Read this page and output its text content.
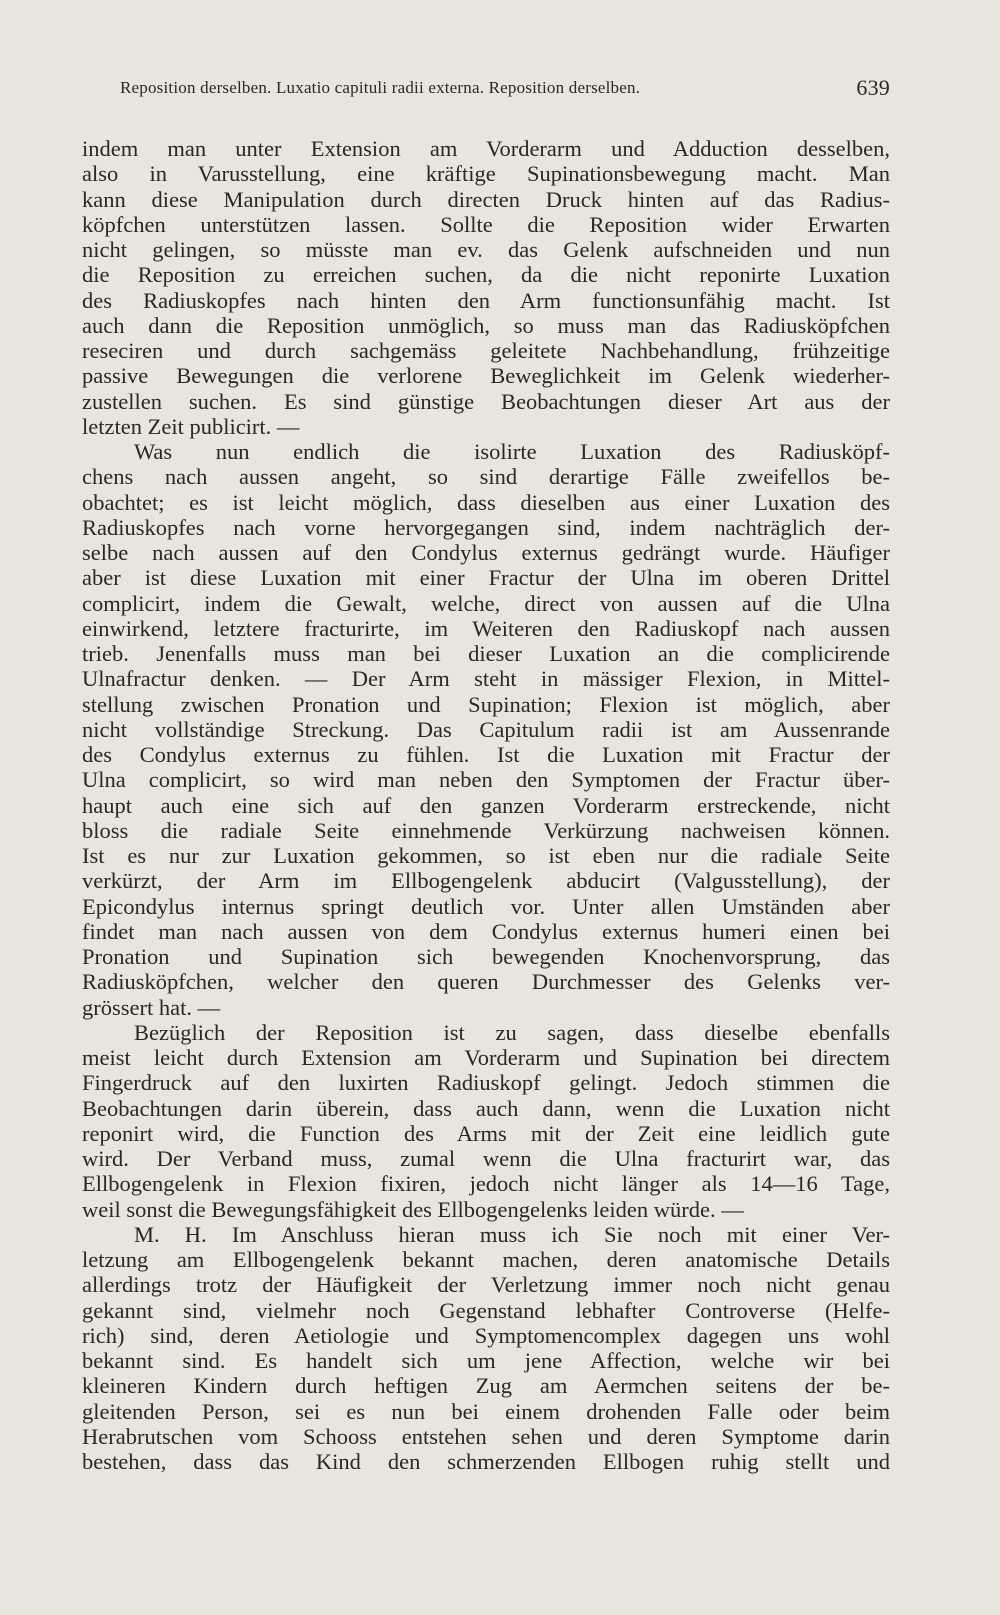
Reposition derselben. Luxatio capituli radii externa. Reposition derselben.	639
indem man unter Extension am Vorderarm und Adduction desselben,
also in Varusstellung, eine kräftige Supinationsbewegung macht. Man
kann diese Manipulation durch directen Druck hinten auf das Radius-
köpfchen unterstützen lassen. Sollte die Reposition wider Erwarten
nicht gelingen, so müsste man ev. das Gelenk aufschneiden und nun
die Reposition zu erreichen suchen, da die nicht reponirte Luxation
des Radiuskopfes nach hinten den Arm functionsunfähig macht. Ist
auch dann die Reposition unmöglich, so muss man das Radiusköpfchen
reseciren und durch sachgemäss geleitete Nachbehandlung, frühzeitige
passive Bewegungen die verlorene Beweglichkeit im Gelenk wiederher-
zustellen suchen. Es sind günstige Beobachtungen dieser Art aus der
letzten Zeit publicirt. —
Was nun endlich die isolirte Luxation des Radiusköpf-
chens nach aussen angeht, so sind derartige Fälle zweifellos be-
obachtet; es ist leicht möglich, dass dieselben aus einer Luxation des
Radiuskopfes nach vorne hervorgegangen sind, indem nachträglich der-
selbe nach aussen auf den Condylus externus gedrängt wurde. Häufiger
aber ist diese Luxation mit einer Fractur der Ulna im oberen Drittel
complicirt, indem die Gewalt, welche, direct von aussen auf die Ulna
einwirkend, letztere fracturirte, im Weiteren den Radiuskopf nach aussen
trieb. Jenenfalls muss man bei dieser Luxation an die complicirende
Ulnafractur denken. — Der Arm steht in mässiger Flexion, in Mittel-
stellung zwischen Pronation und Supination; Flexion ist möglich, aber
nicht vollständige Streckung. Das Capitulum radii ist am Aussenrande
des Condylus externus zu fühlen. Ist die Luxation mit Fractur der
Ulna complicirt, so wird man neben den Symptomen der Fractur über-
haupt auch eine sich auf den ganzen Vorderarm erstreckende, nicht
bloss die radiale Seite einnehmende Verkürzung nachweisen können.
Ist es nur zur Luxation gekommen, so ist eben nur die radiale Seite
verkürzt, der Arm im Ellbogengelenk abducirt (Valgusstellung), der
Epicondylus internus springt deutlich vor. Unter allen Umständen aber
findet man nach aussen von dem Condylus externus humeri einen bei
Pronation und Supination sich bewegenden Knochenvorsprung, das
Radiusköpfchen, welcher den queren Durchmesser des Gelenks ver-
grössert hat. —
Bezüglich der Reposition ist zu sagen, dass dieselbe ebenfalls
meist leicht durch Extension am Vorderarm und Supination bei directem
Fingerdruck auf den luxirten Radiuskopf gelingt. Jedoch stimmen die
Beobachtungen darin überein, dass auch dann, wenn die Luxation nicht
reponirt wird, die Function des Arms mit der Zeit eine leidlich gute
wird. Der Verband muss, zumal wenn die Ulna fracturirt war, das
Ellbogengelenk in Flexion fixiren, jedoch nicht länger als 14—16 Tage,
weil sonst die Bewegungsfähigkeit des Ellbogengelenks leiden würde. —
M. H. Im Anschluss hieran muss ich Sie noch mit einer Ver-
letzung am Ellbogengelenk bekannt machen, deren anatomische Details
allerdings trotz der Häufigkeit der Verletzung immer noch nicht genau
gekannt sind, vielmehr noch Gegenstand lebhafter Controverse (Helfe-
rich) sind, deren Aetiologie und Symptomencomplex dagegen uns wohl
bekannt sind. Es handelt sich um jene Affection, welche wir bei
kleineren Kindern durch heftigen Zug am Aermchen seitens der be-
gleitenden Person, sei es nun bei einem drohenden Falle oder beim
Herabrutschen vom Schooss entstehen sehen und deren Symptome darin
bestehen, dass das Kind den schmerzenden Ellbogen ruhig stellt und
